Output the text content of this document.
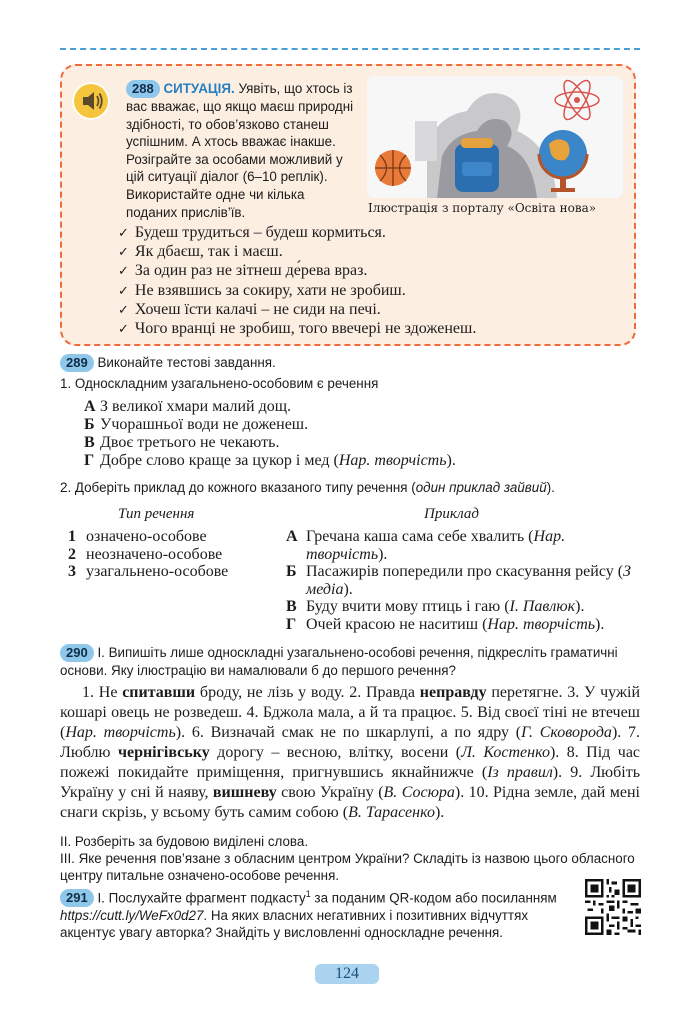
288 СИТУАЦІЯ. Уявіть, що хтось із вас вважає, що якщо маєш природні здібності, то обов’язково станеш успішним. А хтось вважає інакше. Розіграйте за особами можливий у цій ситуації діалог (6–10 реплік). Використайте одне чи кілька поданих прислів’їв.	Ілюстрація з порталу «Освіта нова»
✓ Будеш трудиться – будеш кормиться.
✓ Як дбаєш, так і маєш.
✓ За один раз не зітнеш де́рева враз.
✓ Не взявшись за сокиру, хати не зробиш.
✓ Хочеш їсти калачі – не сиди на печі.
✓ Чого вранці не зробиш, того ввечері не здоженеш.
289 Виконайте тестові завдання.
1. Односкладним узагальнено-особовим є речення
А З великої хмари малий дощ.
Б Учорашньої води не доженеш.
В Двоє третього не чекають.
Г Добре слово краще за цукор і мед (Нар. творчість).
2. Доберіть приклад до кожного вказаного типу речення (один приклад зайвий).
Тип речення	Приклад
1 означено-особове
2 неозначено-особове
3 узагальнено-особове
А Гречана каша сама себе хвалить (Нар. творчість).
Б Пасажирів попередили про скасування рейсу (З медіа).
В Буду вчити мову птиць і гаю (І. Павлюк).
Г Очей красою не наситиш (Нар. творчість).
290 І. Випишіть лише односкладні узагальнено-особові речення, підкресліть граматичні основи. Яку ілюстрацію ви намалювали б до першого речення?
1. Не спитавши броду, не лізь у воду. 2. Правда неправду перетягне. 3. У чужій кошарі овець не розведеш. 4. Бджола мала, а й та працює. 5. Від своєї тіні не втечеш (Нар. творчість). 6. Визначай смак не по шкарлупі, а по ядру (Г. Сковорода). 7. Люблю чернігівську дорогу – весною, влітку, восени (Л. Костенко). 8. Під час пожежі покидайте приміщення, пригнувшись якнайнижче (Із правил). 9. Любіть Україну у сні й наяву, вишневу свою Україну (В. Сосюра). 10. Рідна земле, дай мені снаги скрізь, у всьому буть самим собою (В. Тарасенко).
ІІ. Розберіть за будовою виділені слова.
ІІІ. Яке речення пов’язане з обласним центром України? Складіть із назвою цього обласного центру питальне означено-особове речення.
291 І. Послухайте фрагмент подкасту$^1$ за поданим QR-кодом або посиланням https://cutt.ly/WeFx0d27. На яких власних негативних і позитивних відчуттях акцентує увагу авторка? Знайдіть у висловленні односкладне речення.
124
